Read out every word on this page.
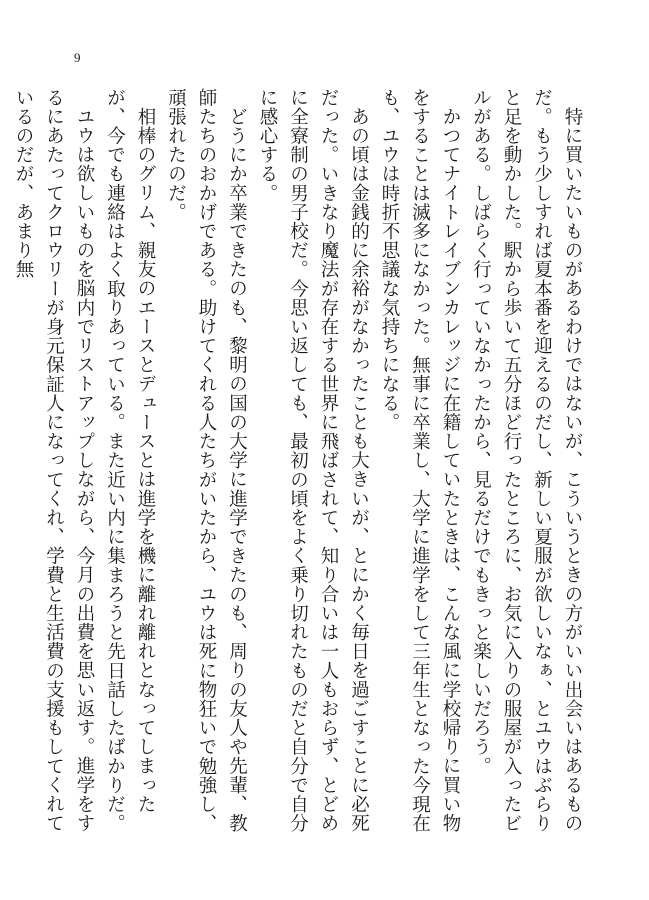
9

特に買いたいものがあるわけではないが、こういうときの方がいい出会いはあるものだ。もう少しすれば夏本番を迎えるのだし、新しい夏服が欲しいなぁ、とユウはぶらりと足を動かした。駅から歩いて五分ほど行ったところに、お気に入りの服屋が入ったビルがある。しばらく行っていなかったから、見るだけでもきっと楽しいだろう。

かつてナイトレイブンカレッジに在籍していたときは、こんな風に学校帰りに買い物をすることは滅多になかった。無事に卒業し、大学に進学をして三年生となった今現在も、ユウは時折不思議な気持ちになる。

あの頃は金銭的に余裕がなかったことも大きいが、とにかく毎日を過ごすことに必死だった。いきなり魔法が存在する世界に飛ばされて、知り合いは一人もおらず、とどめに全寮制の男子校だ。今思い返しても、最初の頃をよく乗り切れたものだと自分で自分に感心する。

どうにか卒業できたのも、黎明の国の大学に進学できたのも、周りの友人や先輩、教師たちのおかげである。助けてくれる人たちがいたから、ユウは死に物狂いで勉強し、頑張れたのだ。

相棒のグリム、親友のエースとデュースとは進学を機に離れ離れとなってしまったが、今でも連絡はよく取りあっている。また近い内に集まろうと先日話したばかりだ。

ユウは欲しいものを脳内でリストアップしながら、今月の出費を思い返す。進学をするにあたってクロウリーが身元保証人になってくれ、学費と生活費の支援もしてくれているのだが、あまり無
